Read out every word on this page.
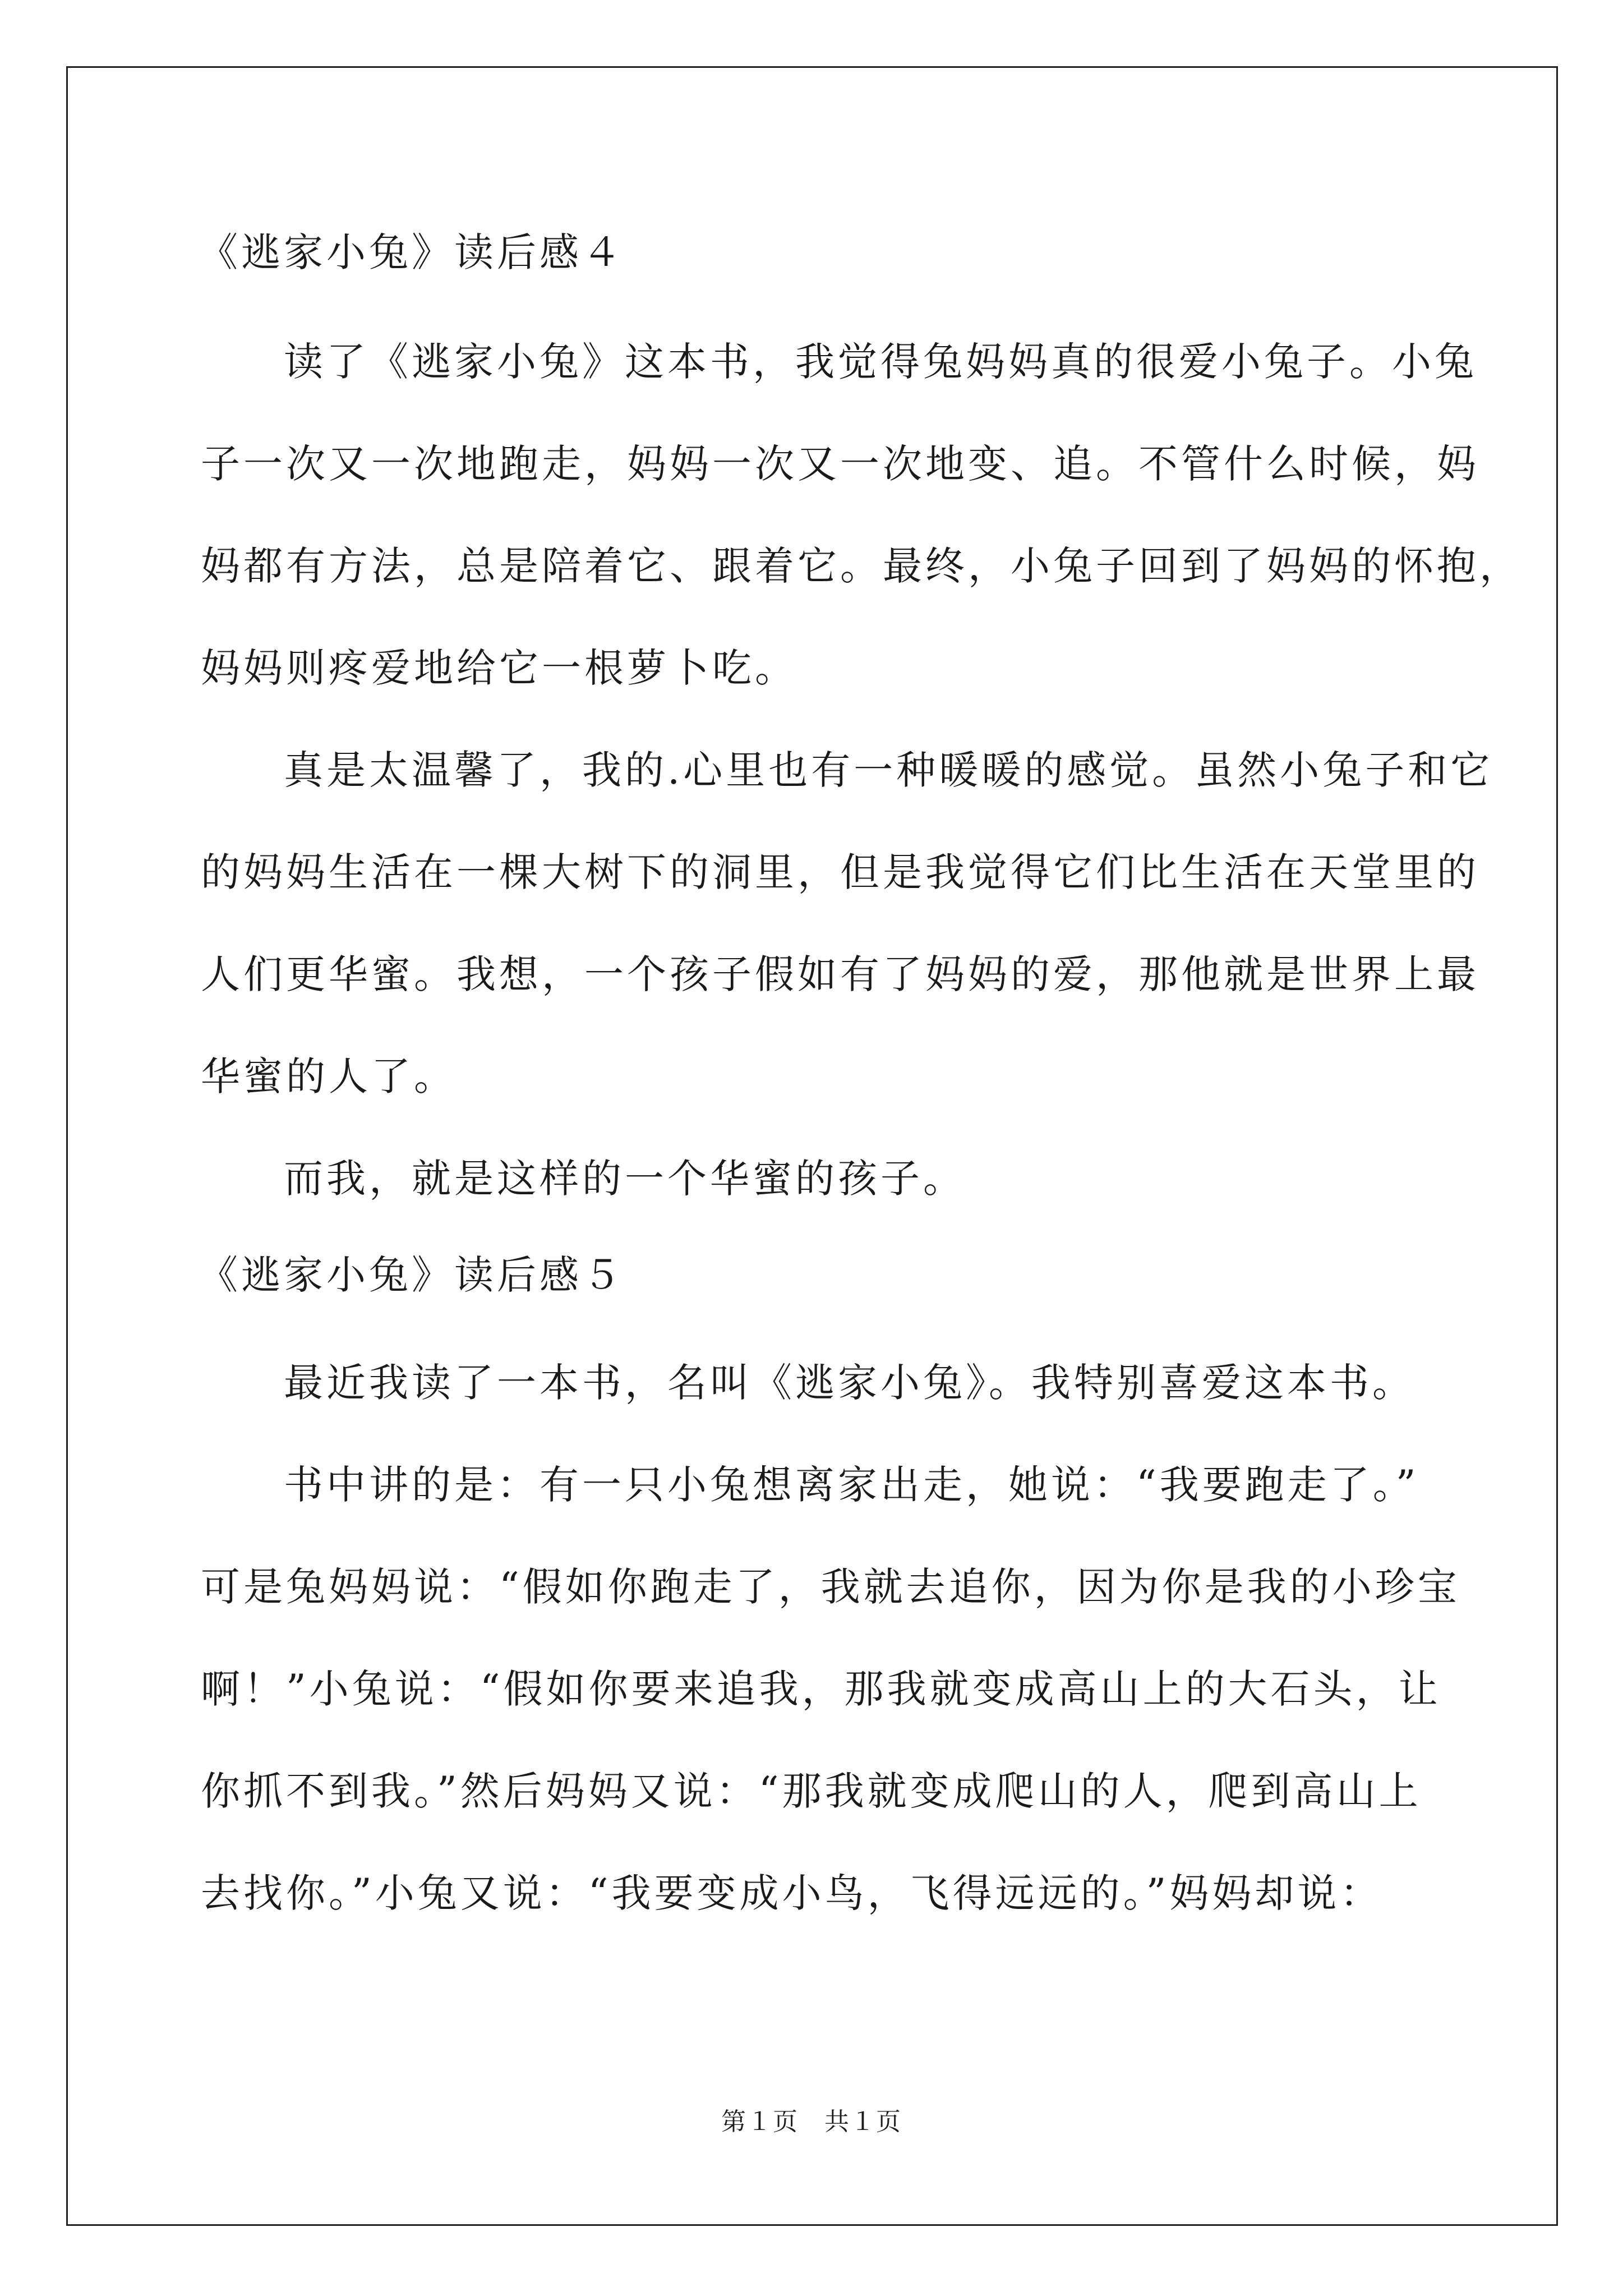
《逃家小兔》读后感４
读了《逃家小兔》这本书，我觉得兔妈妈真的很爱小兔子。小兔
子一次又一次地跑走，妈妈一次又一次地变、追。不管什么时候，妈
妈都有方法，总是陪着它、跟着它。最终，小兔子回到了妈妈的怀抱，
妈妈则疼爱地给它一根萝卜吃。
真是太温馨了，我的.心里也有一种暖暖的感觉。虽然小兔子和它
的妈妈生活在一棵大树下的洞里，但是我觉得它们比生活在天堂里的
人们更华蜜。我想，一个孩子假如有了妈妈的爱，那他就是世界上最
华蜜的人了。
而我，就是这样的一个华蜜的孩子。
《逃家小兔》读后感５
最近我读了一本书，名叫《逃家小兔》。我特别喜爱这本书。
书中讲的是：有一只小兔想离家出走，她说：“我要跑走了。”
可是兔妈妈说：“假如你跑走了，我就去追你，因为你是我的小珍宝
啊！”小兔说：“假如你要来追我，那我就变成高山上的大石头，让
你抓不到我。”然后妈妈又说：“那我就变成爬山的人，爬到高山上
去找你。”小兔又说：“我要变成小鸟，飞得远远的。”妈妈却说：
第１页　共１页
